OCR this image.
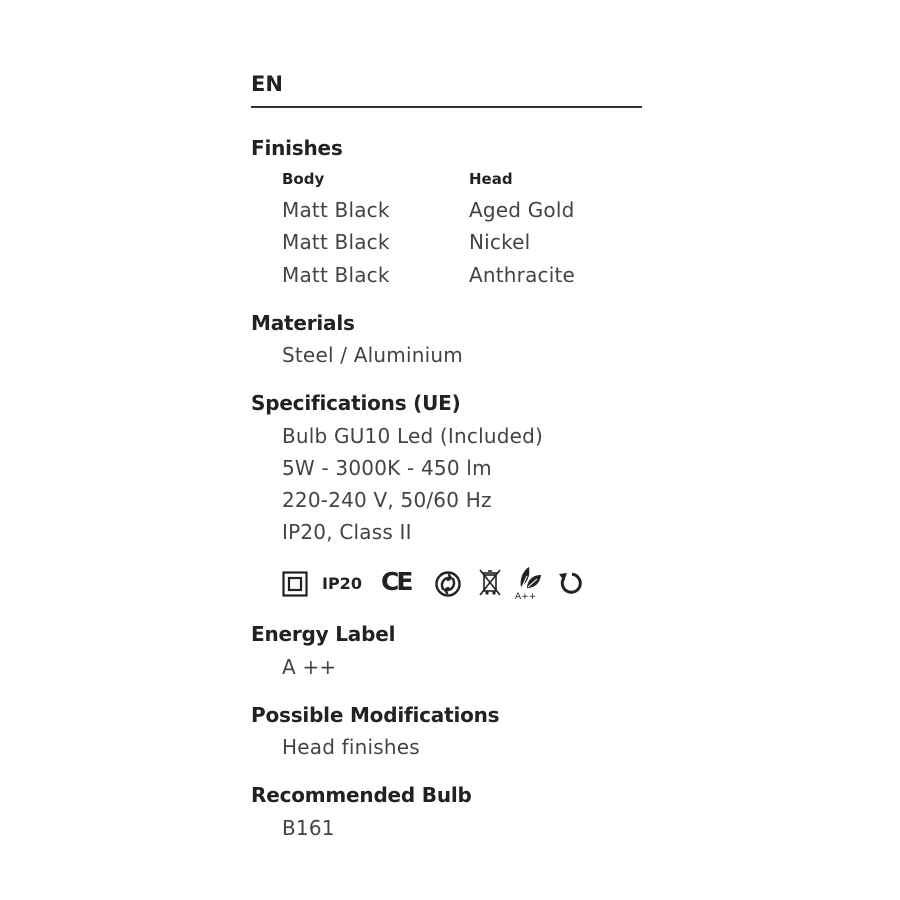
EN
Finishes
Body	Head
Matt Black	Aged Gold
Matt Black	Nickel
Matt Black	Anthracite
Materials
Steel / Aluminium
Specifications (UE)
Bulb GU10 Led (Included)
5W - 3000K - 450 lm
220-240 V, 50/60 Hz
IP20, Class II
IP20 CE
A++
Energy Label
A ++
Possible Modifications
Head finishes
Recommended Bulb
B161
